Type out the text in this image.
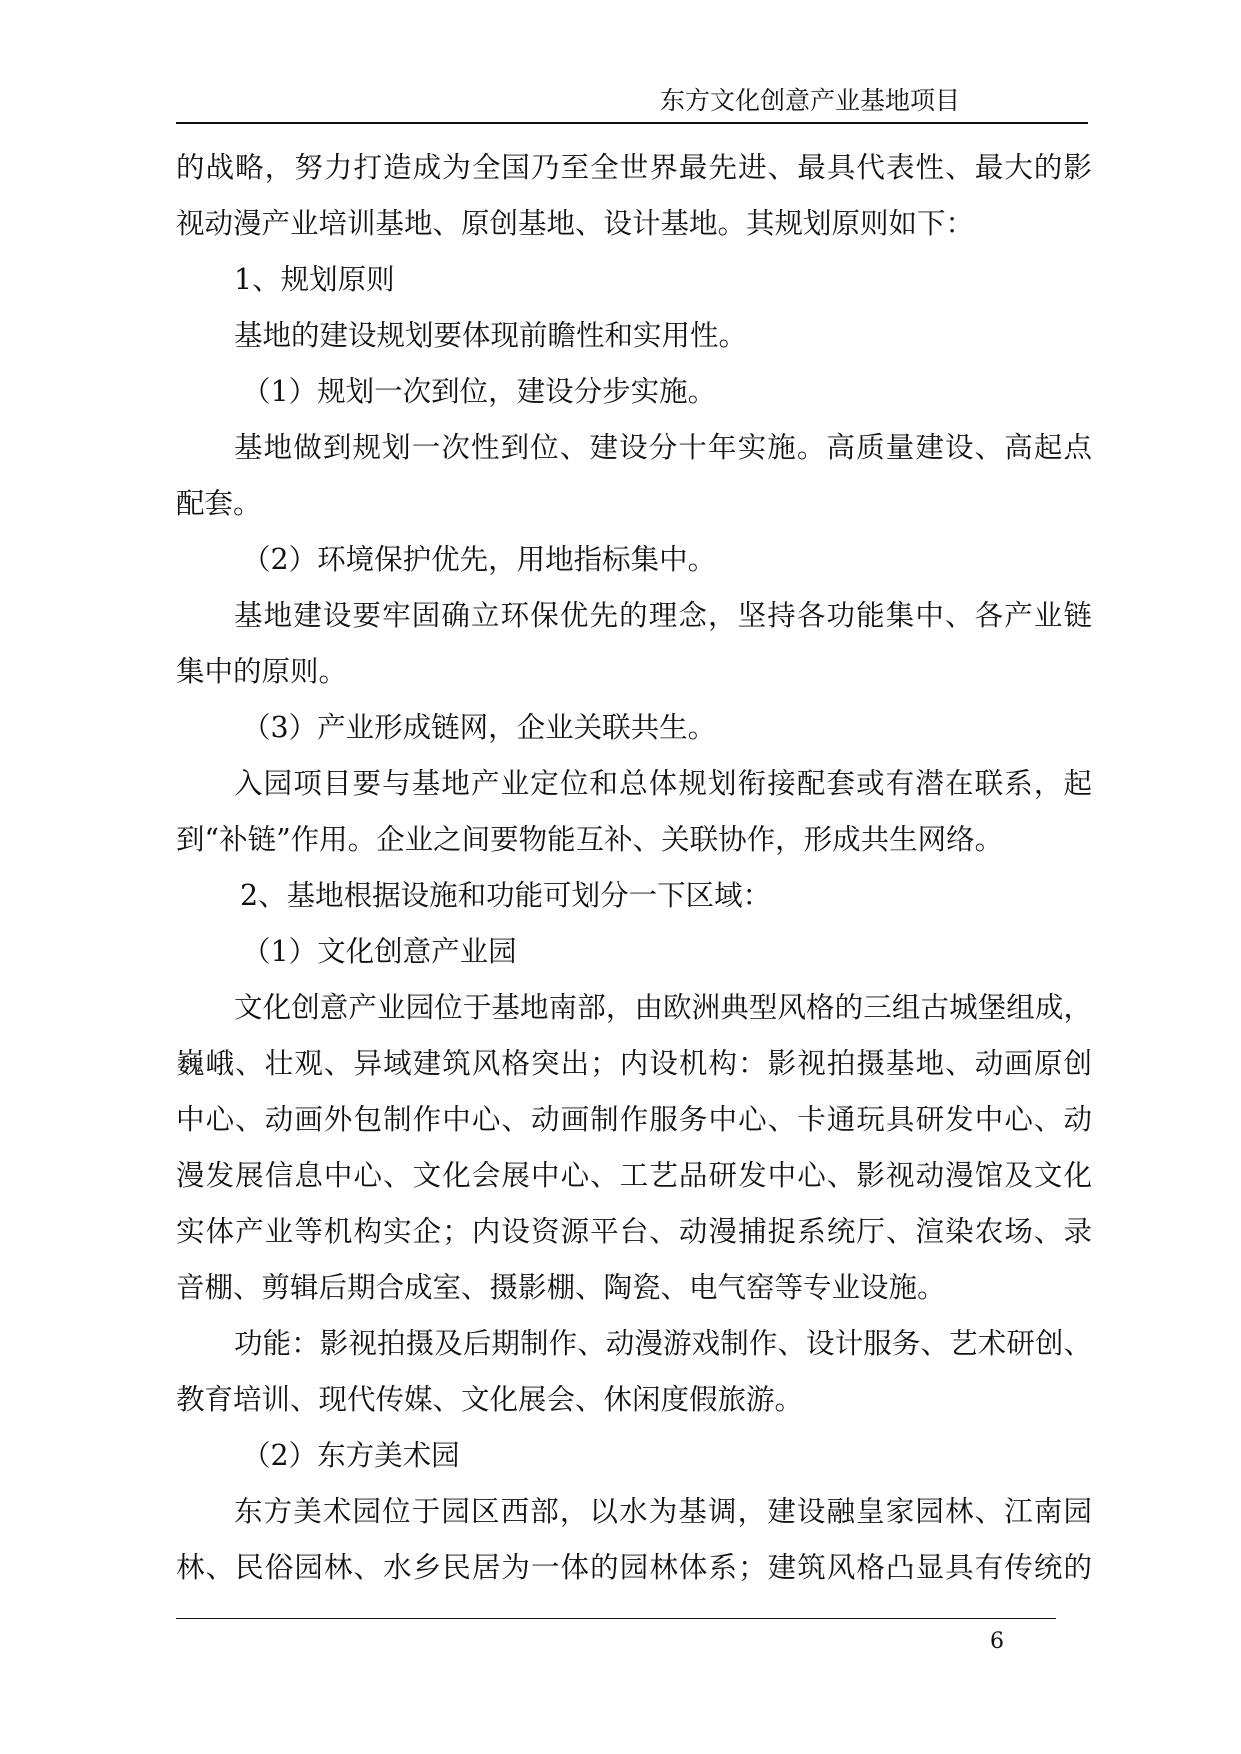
东方文化创意产业基地项目
的战略，努力打造成为全国乃至全世界最先进、最具代表性、最大的影
视动漫产业培训基地、原创基地、设计基地。其规划原则如下：
1、规划原则
基地的建设规划要体现前瞻性和实用性。
（1）规划一次到位，建设分步实施。
基地做到规划一次性到位、建设分十年实施。高质量建设、高起点
配套。
（2）环境保护优先，用地指标集中。
基地建设要牢固确立环保优先的理念，坚持各功能集中、各产业链
集中的原则。
（3）产业形成链网，企业关联共生。
入园项目要与基地产业定位和总体规划衔接配套或有潜在联系，起
到“补链”作用。企业之间要物能互补、关联协作，形成共生网络。
2、基地根据设施和功能可划分一下区域：
（1）文化创意产业园
文化创意产业园位于基地南部，由欧洲典型风格的三组古城堡组成，
巍峨、壮观、异域建筑风格突出；内设机构：影视拍摄基地、动画原创
中心、动画外包制作中心、动画制作服务中心、卡通玩具研发中心、动
漫发展信息中心、文化会展中心、工艺品研发中心、影视动漫馆及文化
实体产业等机构实企；内设资源平台、动漫捕捉系统厅、渲染农场、录
音棚、剪辑后期合成室、摄影棚、陶瓷、电气窑等专业设施。
功能：影视拍摄及后期制作、动漫游戏制作、设计服务、艺术研创、
教育培训、现代传媒、文化展会、休闲度假旅游。
（2）东方美术园
东方美术园位于园区西部，以水为基调，建设融皇家园林、江南园
林、民俗园林、水乡民居为一体的园林体系；建筑风格凸显具有传统的
6
